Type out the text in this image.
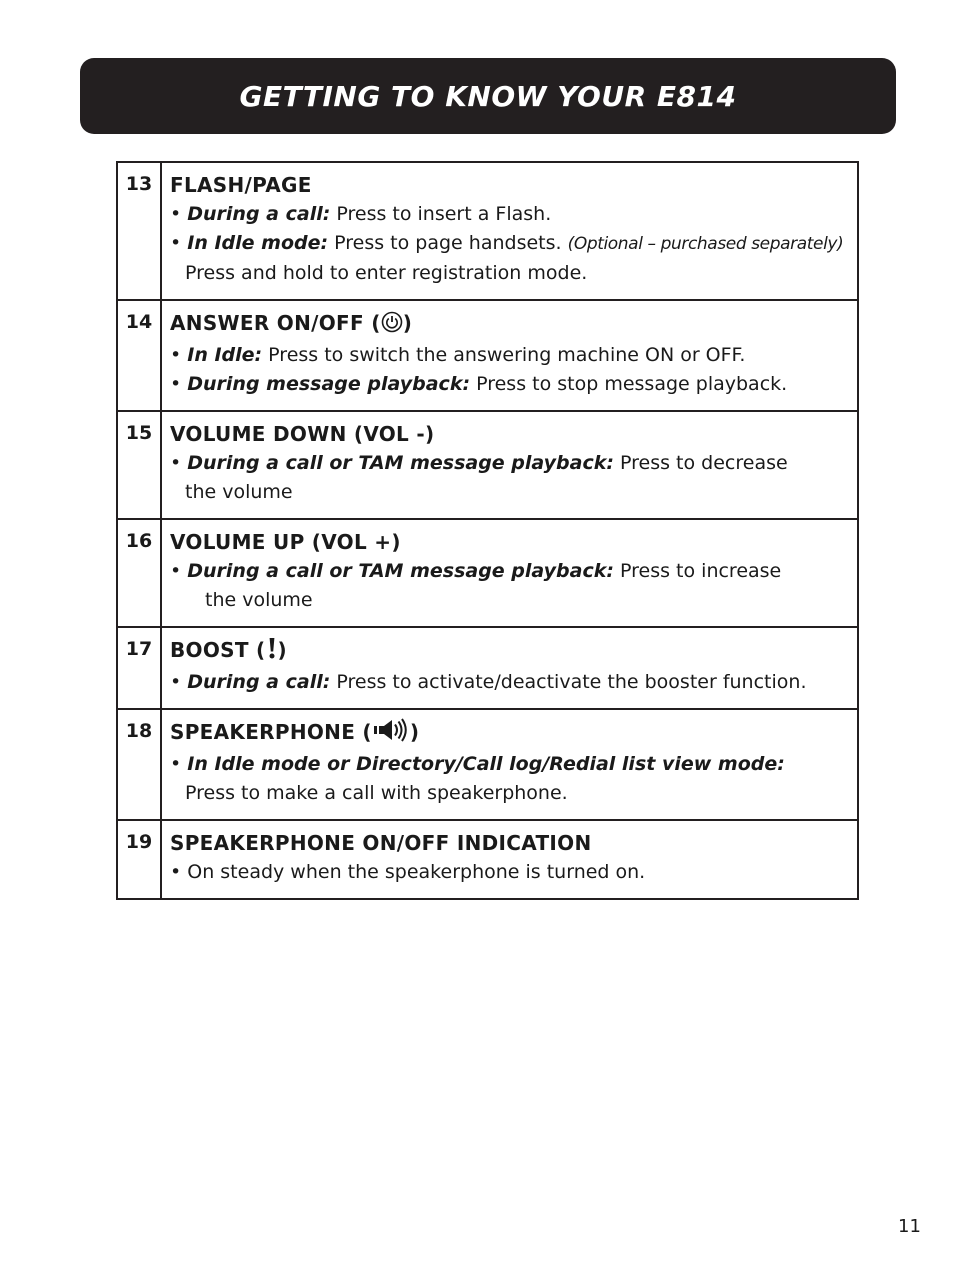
GETTING TO KNOW YOUR E814
13 FLASH/PAGE
• During a call: Press to insert a Flash.
• In Idle mode: Press to page handsets. (Optional – purchased separately)
Press and hold to enter registration mode.
14 ANSWER ON/OFF ( )
• In Idle: Press to switch the answering machine ON or OFF.
• During message playback: Press to stop message playback.
15 VOLUME DOWN (VOL -)
• During a call or TAM message playback: Press to decrease
the volume
16 VOLUME UP (VOL +)
• During a call or TAM message playback: Press to increase
the volume
17 BOOST ( )
• During a call: Press to activate/deactivate the booster function.
18 SPEAKERPHONE ( )
• In Idle mode or Directory/Call log/Redial list view mode:
Press to make a call with speakerphone.
19 SPEAKERPHONE ON/OFF INDICATION
• On steady when the speakerphone is turned on.
11
